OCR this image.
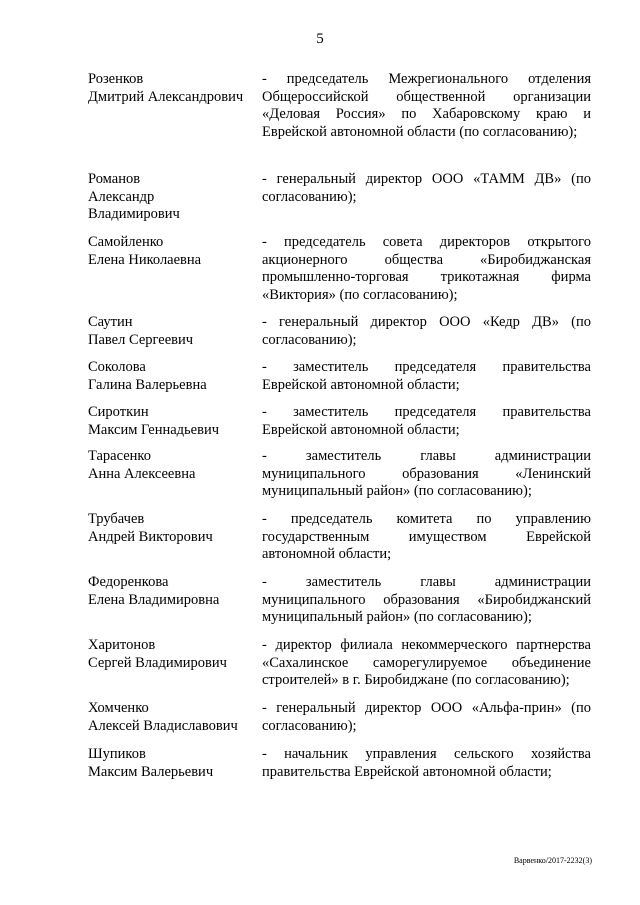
5
Розенков
Дмитрий Александрович
- председатель Межрегионального отделения Общероссийской общественной организации «Деловая Россия» по Хабаровскому краю и Еврейской автономной области (по согласованию);
Романов
Александр
Владимирович
- генеральный директор ООО «ТАММ ДВ» (по согласованию);
Самойленко
Елена Николаевна
- председатель совета директоров открытого акционерного общества «Биробиджанская промышленно-торговая трикотажная фирма «Виктория» (по согласованию);
Саутин
Павел Сергеевич
- генеральный директор ООО «Кедр ДВ» (по согласованию);
Соколова
Галина Валерьевна
- заместитель председателя правительства Еврейской автономной области;
Сироткин
Максим Геннадьевич
- заместитель председателя правительства Еврейской автономной области;
Тарасенко
Анна Алексеевна
- заместитель главы администрации муниципального образования «Ленинский муниципальный район» (по согласованию);
Трубачев
Андрей Викторович
- председатель комитета по управлению государственным имуществом Еврейской автономной области;
Федоренкова
Елена Владимировна
- заместитель главы администрации муниципального образования «Биробиджанский муниципальный район» (по согласованию);
Харитонов
Сергей Владимирович
- директор филиала некоммерческого партнерства «Сахалинское саморегулируемое объединение строителей» в г. Биробиджане (по согласованию);
Хомченко
Алексей Владиславович
- генеральный директор ООО «Альфа-прин» (по согласованию);
Шупиков
Максим Валерьевич
- начальник управления сельского хозяйства правительства Еврейской автономной области;
Варвенко/2017-2232(3)
